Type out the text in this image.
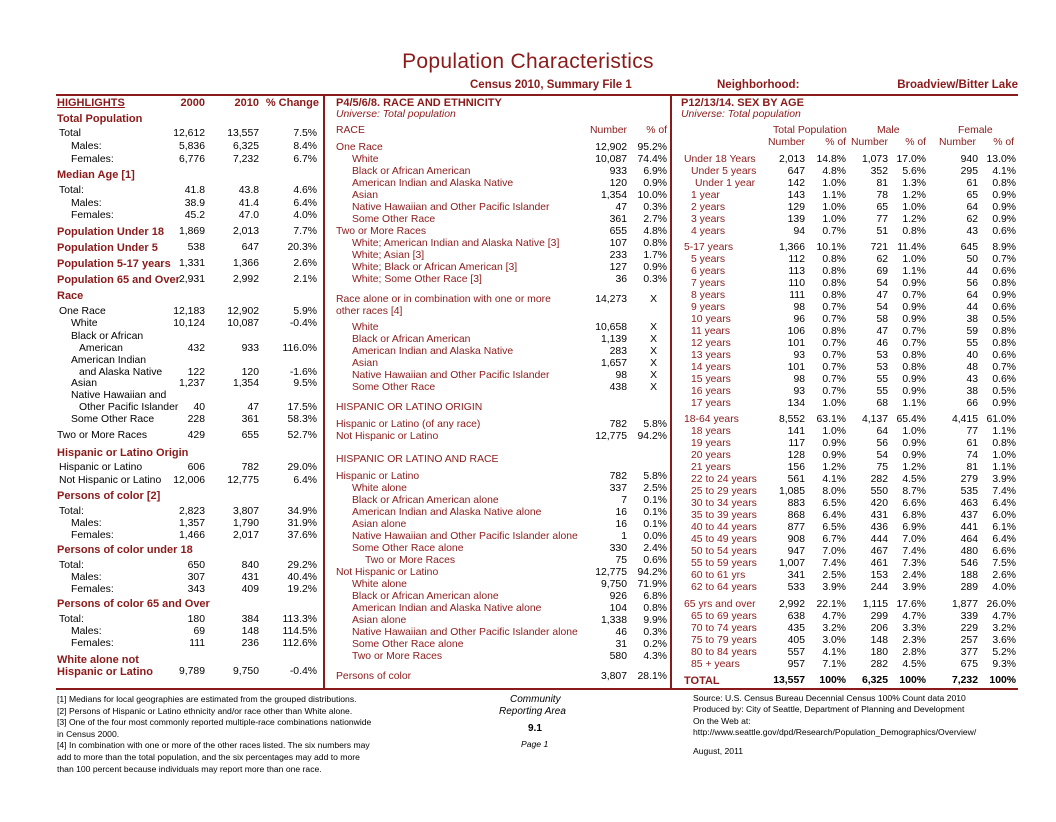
Population Characteristics
Census 2010, Summary File 1	Neighborhood:	Broadview/Bitter Lake
HIGHLIGHTS	2000	2010 % Change
Total Population
Total	12,612 13,557	7.5%
Males:	5,836	6,325	8.4%
Females:	6,776	7,232	6.7%
Median Age [1]
Total:	41.8	43.8	4.6%
Males:	38.9	41.4	6.4%
Females:	45.2	47.0	4.0%
Population Under 18 1,869	2,013	7.7%
Population Under 5	538	647	20.3%
Population 5-17 years 1,331	1,366	2.6%
Population 65 and Over 2,931	2,992	2.1%
Race
One Race	12,183 12,902	5.9%
White	10,124 10,087	-0.4%
Black or African
American	432	933 116.0%
American Indian
and Alaska Native 122	120	-1.6%
Asian	1,237	1,354	9.5%
Native Hawaiian and
Other Pacific Islander 40	47	17.5%
Some Other Race	228	361	58.3%
Two or More Races	429	655	52.7%
Hispanic or Latino Origin
Hispanic or Latino	606	782	29.0%
Not Hispanic or Latino 12,006 12,775	6.4%
Persons of color [2]
Total:	2,823	3,807	34.9%
Males:	1,357	1,790	31.9%
Females:	1,466	2,017	37.6%
Persons of color under 18
Total:	650	840	29.2%
Males:	307	431	40.4%
Females:	343	409	19.2%
Persons of color 65 and Over
Total:	180	384 113.3%
Males:	69	148 114.5%
Females:	111	236 112.6%
White alone not
Hispanic or Latino	9,789	9,750	-0.4%
P4/5/6/8. RACE AND ETHNICITY
Universe: Total population
RACE	Number % of
One Race	12,902 95.2%
White	10,087 74.4%
Black or African American	933 6.9%
American Indian and Alaska Native	120 0.9%
Asian	1,354 10.0%
Native Hawaiian and Other Pacific Islander	47 0.3%
Some Other Race	361 2.7%
Two or More Races	655 4.8%
White; American Indian and Alaska Native [3]	107 0.8%
White; Asian [3]	233 1.7%
White; Black or African American [3]	127 0.9%
White; Some Other Race [3]	36 0.3%
Race alone or in combination with one or more	14,273 X
other races [4]
White	10,658 X
Black or African American	1,139 X
American Indian and Alaska Native	283 X
Asian	1,657 X
Native Hawaiian and Other Pacific Islander	98 X
Some Other Race	438 X
HISPANIC OR LATINO ORIGIN
Hispanic or Latino (of any race)	782 5.8%
Not Hispanic or Latino	12,775 94.2%
HISPANIC OR LATINO AND RACE
Hispanic or Latino	782 5.8%
White alone	337 2.5%
Black or African American alone	7 0.1%
American Indian and Alaska Native alone	16 0.1%
Asian alone	16 0.1%
Native Hawaiian and Other Pacific Islander alone	1 0.0%
Some Other Race alone	330 2.4%
Two or More Races	75 0.6%
Not Hispanic or Latino	12,775 94.2%
White alone	9,750 71.9%
Black or African American alone	926 6.8%
American Indian and Alaska Native alone	104 0.8%
Asian alone	1,338 9.9%
Native Hawaiian and Other Pacific Islander alone	46 0.3%
Some Other Race alone	31 0.2%
Two or More Races	580 4.3%
Persons of color	3,807 28.1%
P12/13/14. SEX BY AGE
Universe: Total population
Total Population	Male	Female
Number % of Number % of Number % of
Under 18 Years 2,013 14.8% 1,073 17.0%	940 13.0%
Under 5 years	647 4.8% 352 5.6%	295 4.1%
Under 1 year	142 1.0%	81 1.3%	61 0.8%
1 year	143 1.1%	78 1.2%	65 0.9%
2 years	129 1.0%	65 1.0%	64 0.9%
3 years	139 1.0%	77 1.2%	62 0.9%
4 years	94 0.7%	51 0.8%	43 0.6%
5-17 years	1,366 10.1% 721 11.4%	645 8.9%
5 years	112 0.8%	62 1.0%	50 0.7%
6 years	113 0.8%	69 1.1%	44 0.6%
7 years	110 0.8%	54 0.9%	56 0.8%
8 years	111 0.8%	47 0.7%	64 0.9%
9 years	98 0.7%	54 0.9%	44 0.6%
10 years	96 0.7%	58 0.9%	38 0.5%
11 years	106 0.8%	47 0.7%	59 0.8%
12 years	101 0.7%	46 0.7%	55 0.8%
13 years	93 0.7%	53 0.8%	40 0.6%
14 years	101 0.7%	53 0.8%	48 0.7%
15 years	98 0.7%	55 0.9%	43 0.6%
16 years	93 0.7%	55 0.9%	38 0.5%
17 years	134 1.0%	68 1.1%	66 0.9%
18-64 years	8,552 63.1% 4,137 65.4% 4,415 61.0%
18 years	141 1.0%	64 1.0%	77 1.1%
19 years	117 0.9%	56 0.9%	61 0.8%
20 years	128 0.9%	54 0.9%	74 1.0%
21 years	156 1.2%	75 1.2%	81 1.1%
22 to 24 years	561 4.1% 282 4.5%	279 3.9%
25 to 29 years 1,085 8.0% 550 8.7%	535 7.4%
30 to 34 years	883 6.5% 420 6.6%	463 6.4%
35 to 39 years	868 6.4% 431 6.8%	437 6.0%
40 to 44 years	877 6.5% 436 6.9%	441 6.1%
45 to 49 years	908 6.7% 444 7.0%	464 6.4%
50 to 54 years	947 7.0% 467 7.4%	480 6.6%
55 to 59 years 1,007 7.4% 461 7.3%	546 7.5%
60 to 61 yrs	341 2.5% 153 2.4%	188 2.6%
62 to 64 years	533 3.9% 244 3.9%	289 4.0%
65 yrs and over 2,992 22.1% 1,115 17.6% 1,877 26.0%
65 to 69 years	638 4.7% 299 4.7%	339 4.7%
70 to 74 years	435 3.2% 206 3.3%	229 3.2%
75 to 79 years	405 3.0% 148 2.3%	257 3.6%
80 to 84 years	557 4.1% 180 2.8%	377 5.2%
85 + years	957 7.1% 282 4.5%	675 9.3%
TOTAL	13,557 100% 6,325 100% 7,232 100%
[1] Medians for local geographies are estimated from the grouped distributions.
[2] Persons of Hispanic or Latino ethnicity and/or race other than White alone.
[3] One of the four most commonly reported multiple-race combinations nationwide
in Census 2000.
[4] In combination with one or more of the other races listed. The six numbers may
add to more than the total population, and the six percentages may add to more
than 100 percent because individuals may report more than one race.
Community
Reporting Area
9.1
Page 1
Source: U.S. Census Bureau Decennial Census 100% Count data 2010
Produced by: City of Seattle, Department of Planning and Development
On the Web at:
http://www.seattle.gov/dpd/Research/Population_Demographics/Overview/
August, 2011
